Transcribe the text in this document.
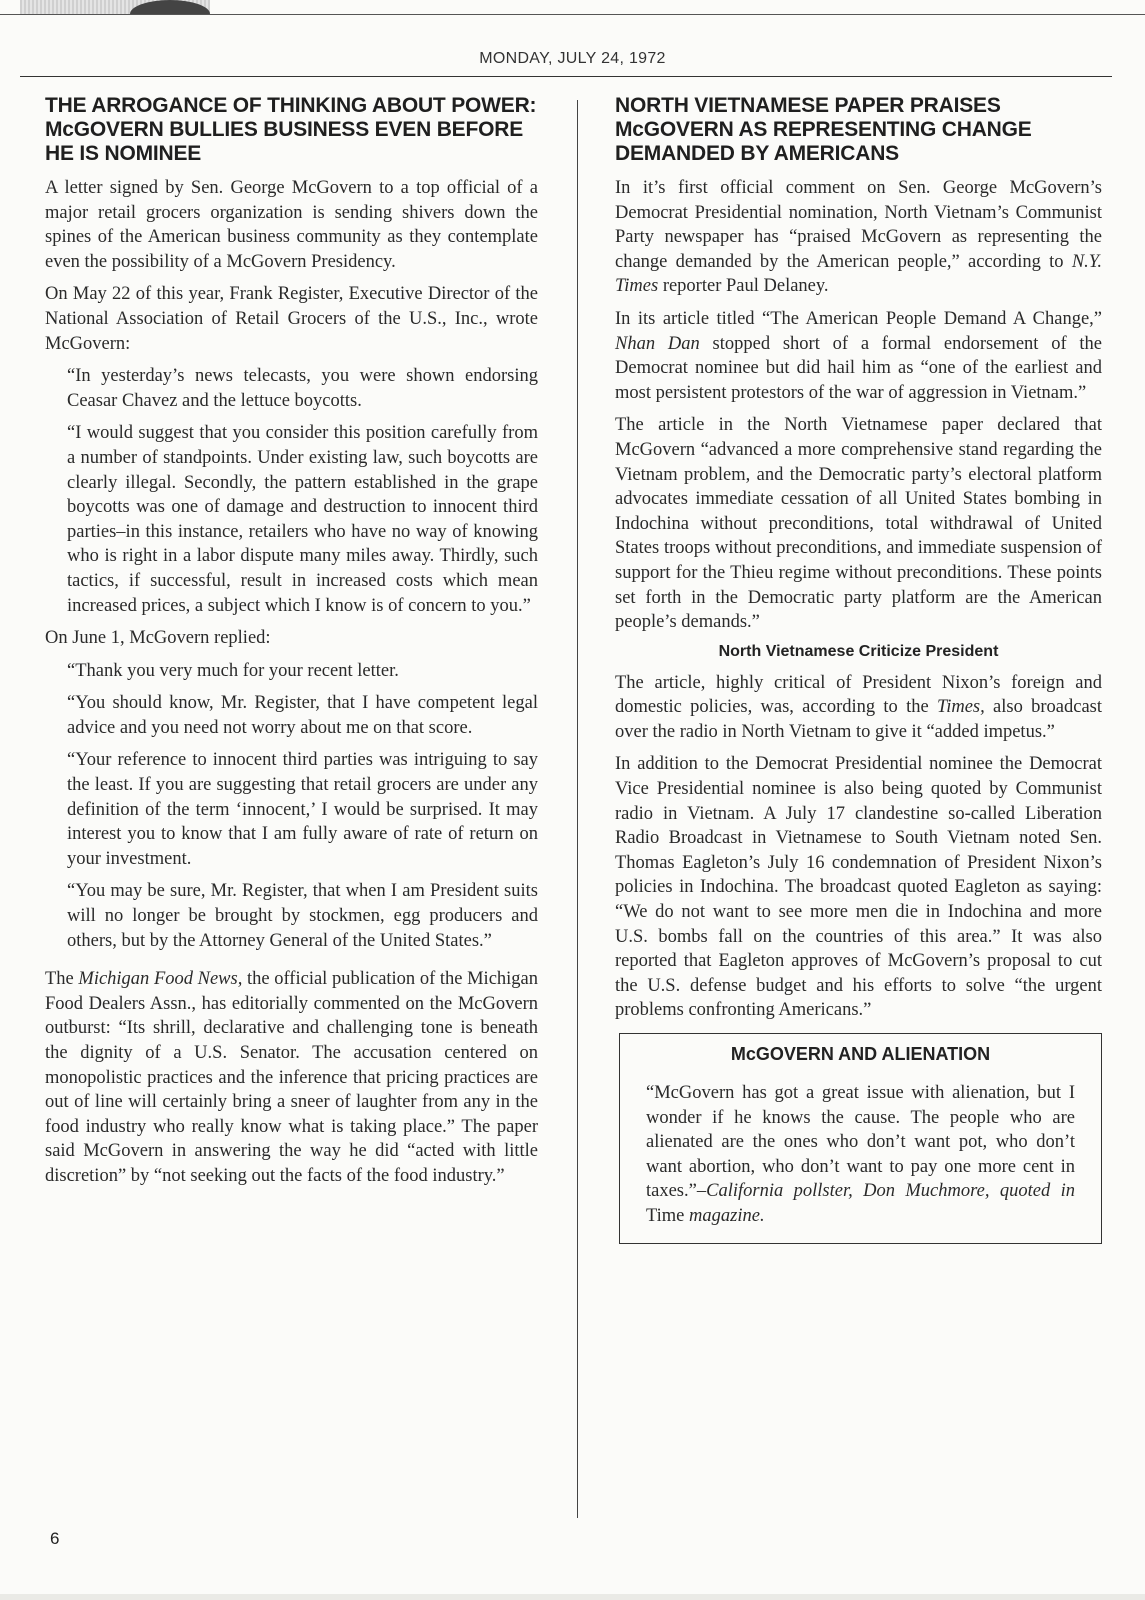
MONDAY, JULY 24, 1972
THE ARROGANCE OF THINKING ABOUT POWER: McGOVERN BULLIES BUSINESS EVEN BEFORE HE IS NOMINEE

A letter signed by Sen. George McGovern to a top official of a major retail grocers organization is sending shivers down the spines of the American business community as they contemplate even the possibility of a McGovern Presidency.

On May 22 of this year, Frank Register, Executive Director of the National Association of Retail Grocers of the U.S., Inc., wrote McGovern:

“In yesterday’s news telecasts, you were shown endorsing Ceasar Chavez and the lettuce boycotts.

“I would suggest that you consider this position carefully from a number of standpoints. Under existing law, such boycotts are clearly illegal. Secondly, the pattern established in the grape boycotts was one of damage and destruction to innocent third parties–in this instance, retailers who have no way of knowing who is right in a labor dispute many miles away. Thirdly, such tactics, if successful, result in increased costs which mean increased prices, a subject which I know is of concern to you.”

On June 1, McGovern replied:

“Thank you very much for your recent letter.

“You should know, Mr. Register, that I have competent legal advice and you need not worry about me on that score.

“Your reference to innocent third parties was intriguing to say the least. If you are suggesting that retail grocers are under any definition of the term ‘innocent,’ I would be surprised. It may interest you to know that I am fully aware of rate of return on your investment.

“You may be sure, Mr. Register, that when I am President suits will no longer be brought by stockmen, egg producers and others, but by the Attorney General of the United States.”

The Michigan Food News, the official publication of the Michigan Food Dealers Assn., has editorially commented on the McGovern outburst: “Its shrill, declarative and challenging tone is beneath the dignity of a U.S. Senator. The accusation centered on monopolistic practices and the inference that pricing practices are out of line will certainly bring a sneer of laughter from any in the food industry who really know what is taking place.” The paper said McGovern in answering the way he did “acted with little discretion” by “not seeking out the facts of the food industry.”

NORTH VIETNAMESE PAPER PRAISES McGOVERN AS REPRESENTING CHANGE DEMANDED BY AMERICANS

In it’s first official comment on Sen. George McGovern’s Democrat Presidential nomination, North Vietnam’s Communist Party newspaper has “praised McGovern as representing the change demanded by the American people,” according to N.Y. Times reporter Paul Delaney.

In its article titled “The American People Demand A Change,” Nhan Dan stopped short of a formal endorsement of the Democrat nominee but did hail him as “one of the earliest and most persistent protestors of the war of aggression in Vietnam.”

The article in the North Vietnamese paper declared that McGovern “advanced a more comprehensive stand regarding the Vietnam problem, and the Democratic party’s electoral platform advocates immediate cessation of all United States bombing in Indochina without preconditions, total withdrawal of United States troops without preconditions, and immediate suspension of support for the Thieu regime without preconditions. These points set forth in the Democratic party platform are the American people’s demands.”

North Vietnamese Criticize President

The article, highly critical of President Nixon’s foreign and domestic policies, was, according to the Times, also broadcast over the radio in North Vietnam to give it “added impetus.”

In addition to the Democrat Presidential nominee the Democrat Vice Presidential nominee is also being quoted by Communist radio in Vietnam. A July 17 clandestine so-called Liberation Radio Broadcast in Vietnamese to South Vietnam noted Sen. Thomas Eagleton’s July 16 condemnation of President Nixon’s policies in Indochina. The broadcast quoted Eagleton as saying: “We do not want to see more men die in Indochina and more U.S. bombs fall on the countries of this area.” It was also reported that Eagleton approves of McGovern’s proposal to cut the U.S. defense budget and his efforts to solve “the urgent problems confronting Americans.”

McGOVERN AND ALIENATION

“McGovern has got a great issue with alienation, but I wonder if he knows the cause. The people who are alienated are the ones who don’t want pot, who don’t want abortion, who don’t want to pay one more cent in taxes.”–California pollster, Don Muchmore, quoted in Time magazine.

6
